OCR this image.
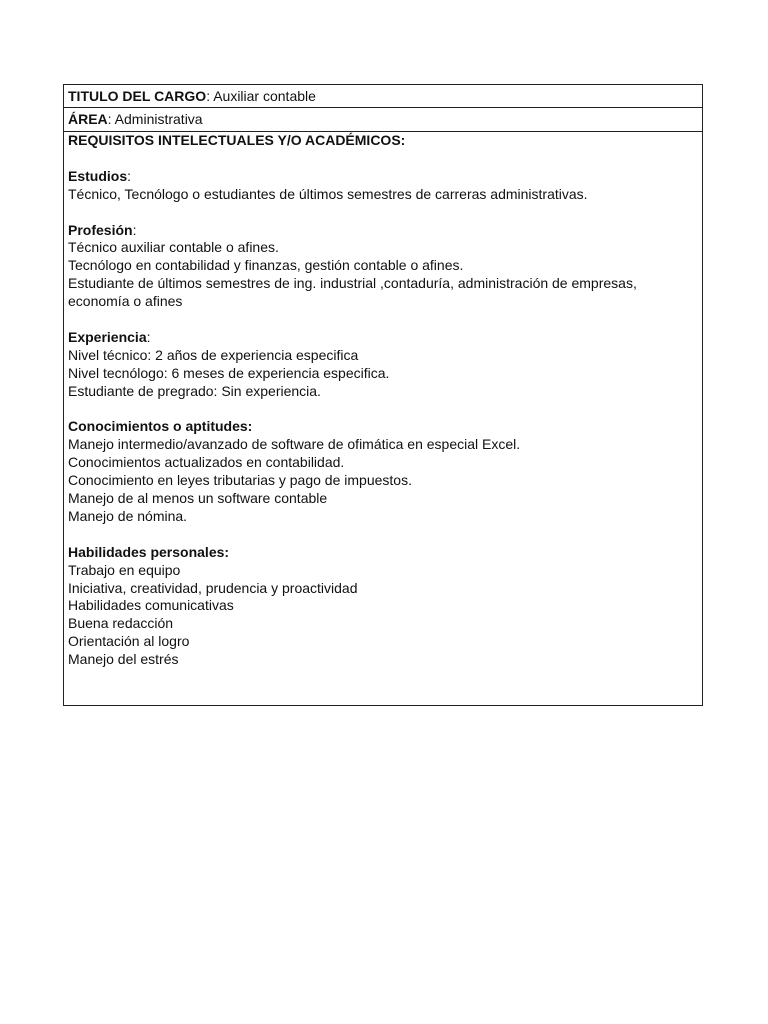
TITULO DEL CARGO: Auxiliar contable
ÁREA: Administrativa
REQUISITOS INTELECTUALES Y/O ACADÉMICOS:
Estudios:
Técnico, Tecnólogo o estudiantes de últimos semestres de carreras administrativas.
Profesión:
Técnico auxiliar contable o afines.
Tecnólogo en contabilidad y finanzas, gestión contable o afines.
Estudiante de últimos semestres de ing. industrial ,contaduría, administración de empresas, economía o afines
Experiencia:
Nivel técnico: 2 años de experiencia especifica
Nivel tecnólogo: 6 meses de experiencia especifica.
Estudiante de pregrado: Sin experiencia.
Conocimientos o aptitudes:
Manejo intermedio/avanzado de software de ofimática en especial Excel.
Conocimientos actualizados en contabilidad.
Conocimiento en leyes tributarias y pago de impuestos.
Manejo de al menos un software contable
Manejo de nómina.
Habilidades personales:
Trabajo en equipo
Iniciativa, creatividad, prudencia y proactividad
Habilidades comunicativas
Buena redacción
Orientación al logro
Manejo del estrés
